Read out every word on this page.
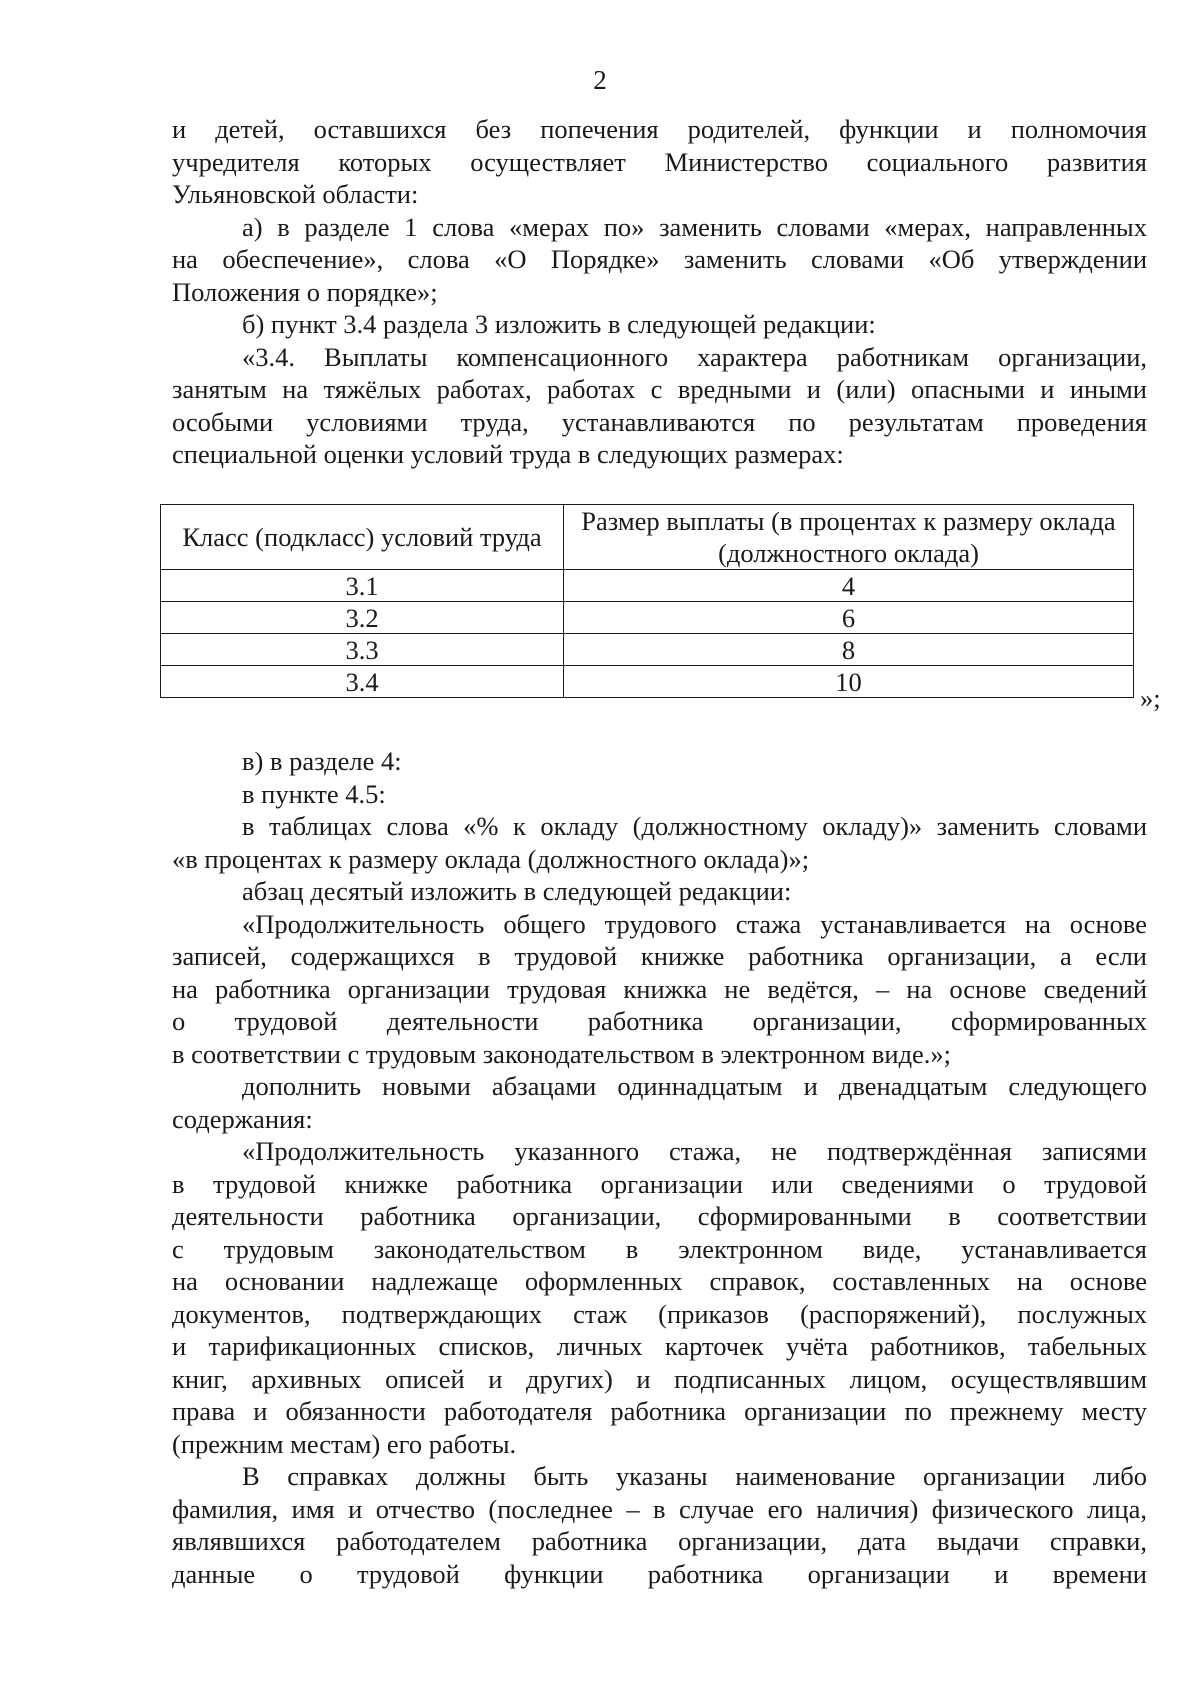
2
и детей, оставшихся без попечения родителей, функции и полномочия
учредителя которых осуществляет Министерство социального развития
Ульяновской области:
а) в разделе 1 слова «мерах по» заменить словами «мерах, направленных
на обеспечение», слова «О Порядке» заменить словами «Об утверждении
Положения о порядке»;
б) пункт 3.4 раздела 3 изложить в следующей редакции:
«3.4. Выплаты компенсационного характера работникам организации,
занятым на тяжёлых работах, работах с вредными и (или) опасными и иными
особыми условиями труда, устанавливаются по результатам проведения
специальной оценки условий труда в следующих размерах:
Класс (подкласс) условий труда	Размер выплаты (в процентах к размеру оклада (должностного оклада)
3.1	4
3.2	6
3.3	8
3.4	10
»;
в) в разделе 4:
в пункте 4.5:
в таблицах слова «% к окладу (должностному окладу)» заменить словами
«в процентах к размеру оклада (должностного оклада)»;
абзац десятый изложить в следующей редакции:
«Продолжительность общего трудового стажа устанавливается на основе
записей, содержащихся в трудовой книжке работника организации, а если
на работника организации трудовая книжка не ведётся, – на основе сведений
о трудовой деятельности работника организации, сформированных
в соответствии с трудовым законодательством в электронном виде.»;
дополнить новыми абзацами одиннадцатым и двенадцатым следующего
содержания:
«Продолжительность указанного стажа, не подтверждённая записями
в трудовой книжке работника организации или сведениями о трудовой
деятельности работника организации, сформированными в соответствии
с трудовым законодательством в электронном виде, устанавливается
на основании надлежаще оформленных справок, составленных на основе
документов, подтверждающих стаж (приказов (распоряжений), послужных
и тарификационных списков, личных карточек учёта работников, табельных
книг, архивных описей и других) и подписанных лицом, осуществлявшим
права и обязанности работодателя работника организации по прежнему месту
(прежним местам) его работы.
В справках должны быть указаны наименование организации либо
фамилия, имя и отчество (последнее – в случае его наличия) физического лица,
являвшихся работодателем работника организации, дата выдачи справки,
данные о трудовой функции работника организации и времени
